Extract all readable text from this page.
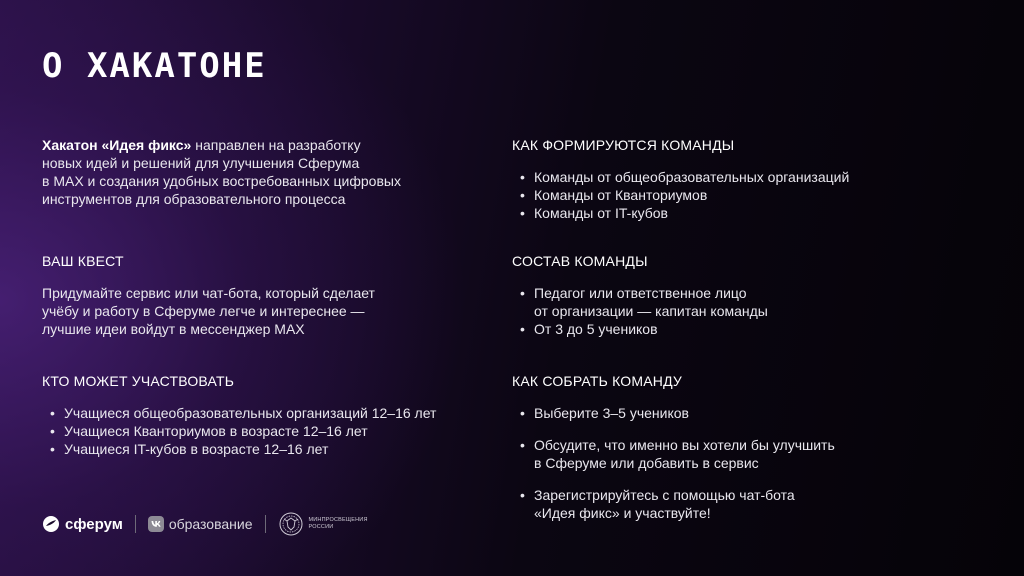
О ХАКАТОНЕ

Хакатон «Идея фикс» направлен на разработку
новых идей и решений для улучшения Сферума
в MAX и создания удобных востребованных цифровых
инструментов для образовательного процесса

ВАШ КВЕСТ

Придумайте сервис или чат-бота, который сделает
учёбу и работу в Сферуме легче и интереснее —
лучшие идеи войдут в мессенджер MAX

КТО МОЖЕТ УЧАСТВОВАТЬ
• Учащиеся общеобразовательных организаций 12–16 лет
• Учащиеся Кванториумов в возрасте 12–16 лет
• Учащиеся IT-кубов в возрасте 12–16 лет
КАК ФОРМИРУЮТСЯ КОМАНДЫ
• Команды от общеобразовательных организаций
• Команды от Кванториумов
• Команды от IT-кубов
СОСТАВ КОМАНДЫ
• Педагог или ответственное лицо
от организации — капитан команды
• От 3 до 5 учеников
КАК СОБРАТЬ КОМАНДУ
• Выберите 3–5 учеников
• Обсудите, что именно вы хотели бы улучшить
в Сферуме или добавить в сервис
• Зарегистрируйтесь с помощью чат-бота
«Идея фикс» и участвуйте!
сферум	образование	МИНПРОСВЕЩЕНИЯ
РОССИИ
